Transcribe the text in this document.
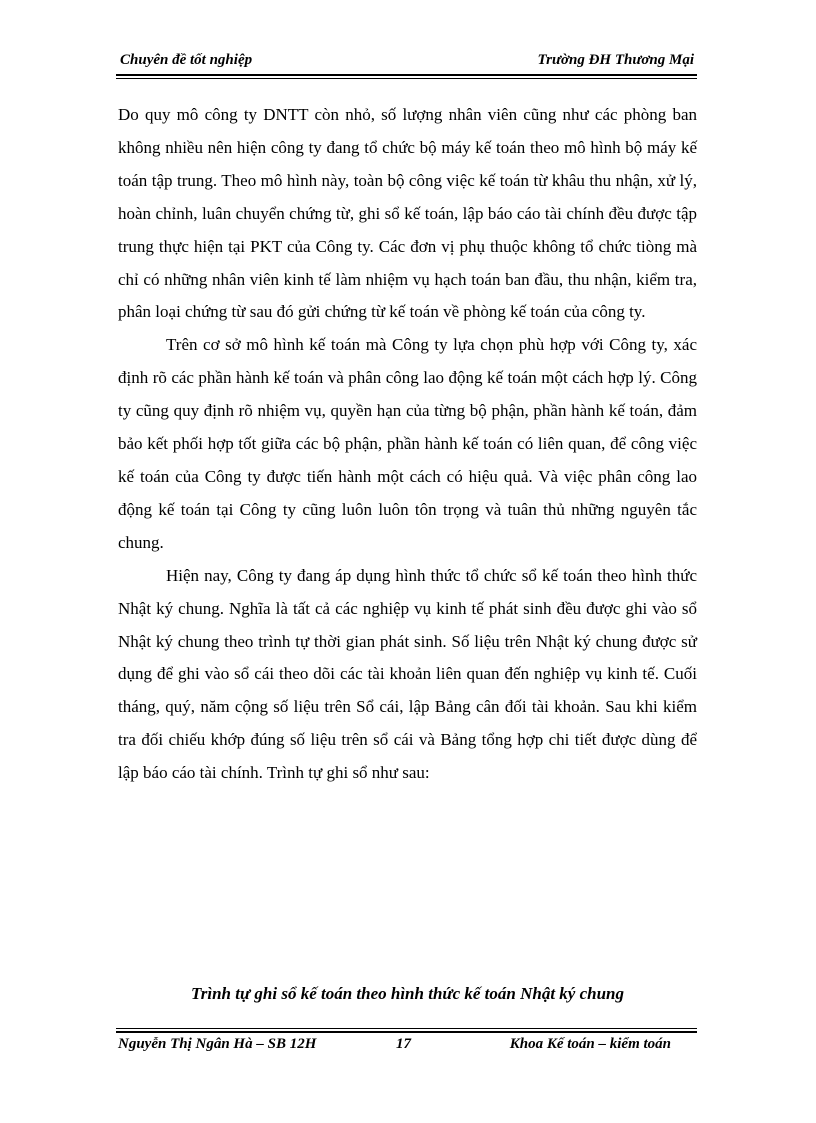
Chuyên đề tốt nghiệp	Trường ĐH Thương Mại

Do quy mô công ty DNTT còn nhỏ, số lượng nhân viên cũng như các phòng ban không nhiều nên hiện công ty đang tổ chức bộ máy kế toán theo mô hình bộ máy kế toán tập trung. Theo mô hình này, toàn bộ công việc kế toán từ khâu thu nhận, xử lý, hoàn chỉnh, luân chuyển chứng từ, ghi sổ kế toán, lập báo cáo tài chính đều được tập trung thực hiện tại PKT của Công ty. Các đơn vị phụ thuộc không tổ chức tiòng mà chỉ có những nhân viên kinh tế làm nhiệm vụ hạch toán ban đầu, thu nhận, kiểm tra, phân loại chứng từ sau đó gửi chứng từ kế toán về phòng kế toán của công ty.

Trên cơ sở mô hình kế toán mà Công ty lựa chọn phù hợp với Công ty, xác định rõ các phần hành kế toán và phân công lao động kế toán một cách hợp lý. Công ty cũng quy định rõ nhiệm vụ, quyền hạn của từng bộ phận, phần hành kế toán, đảm bảo kết phối hợp tốt giữa các bộ phận, phần hành kế toán có liên quan, để công việc kế toán của Công ty được tiến hành một cách có hiệu quả. Và việc phân công lao động kế toán tại Công ty cũng luôn luôn tôn trọng và tuân thủ những nguyên tắc chung.

Hiện nay, Công ty đang áp dụng hình thức tổ chức sổ kế toán theo hình thức Nhật ký chung. Nghĩa là tất cả các nghiệp vụ kinh tế phát sinh đều được ghi vào sổ Nhật ký chung theo trình tự thời gian phát sinh. Số liệu trên Nhật ký chung được sử dụng để ghi vào sổ cái theo dõi các tài khoản liên quan đến nghiệp vụ kinh tế. Cuối tháng, quý, năm cộng số liệu trên Sổ cái, lập Bảng cân đối tài khoản. Sau khi kiểm tra đối chiếu khớp đúng số liệu trên sổ cái và Bảng tổng hợp chi tiết được dùng để lập báo cáo tài chính. Trình tự ghi sổ như sau:

Trình tự ghi sổ kế toán theo hình thức kế toán Nhật ký chung
Nguyễn Thị Ngân Hà – SB 12H	17	Khoa Kế toán – kiểm toán
